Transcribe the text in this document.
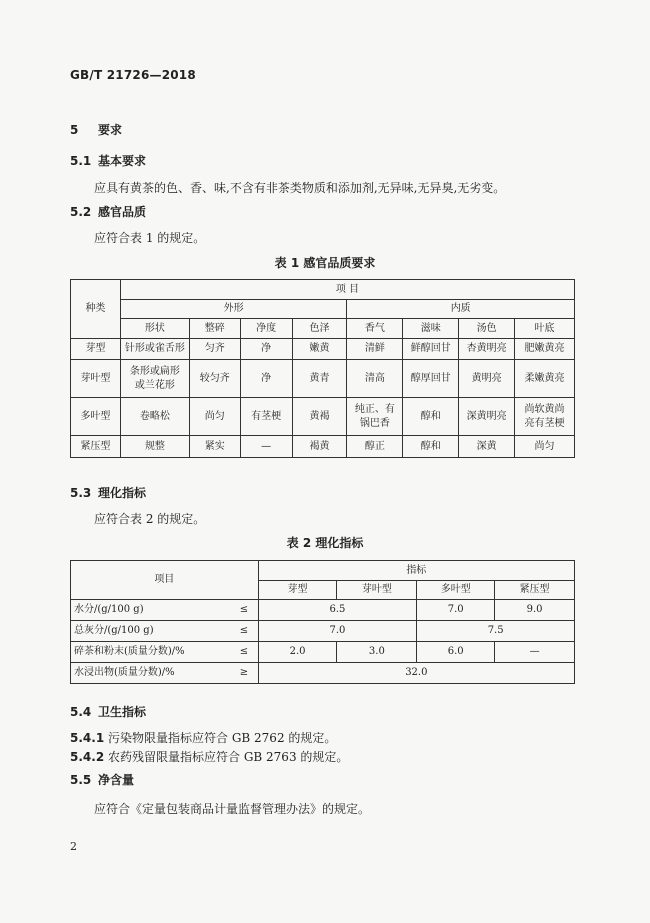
GB/T 21726—2018
5 要求
5.1 基本要求
应具有黄茶的色、香、味,不含有非茶类物质和添加剂,无异味,无异臭,无劣变。
5.2 感官品质
应符合表 1 的规定。
表 1 感官品质要求
种类	项 目							
	外形				内质			
	形状	整碎	净度	色泽	香气	滋味	汤色	叶底
芽型	针形或雀舌形	匀齐	净	嫩黄	清鲜	鲜醇回甘	杏黄明亮	肥嫩黄亮
芽叶型	条形或扁形或兰花形	较匀齐	净	黄青	清高	醇厚回甘	黄明亮	柔嫩黄亮
多叶型	卷略松	尚匀	有茎梗	黄褐	纯正、有锅巴香	醇和	深黄明亮	尚软黄尚亮有茎梗
紧压型	规整	紧实	—	褐黄	醇正	醇和	深黄	尚匀
5.3 理化指标
应符合表 2 的规定。
表 2 理化指标
项目		指标			
		芽型	芽叶型	多叶型	紧压型
水分/(g/100 g)	≤	6.5		7.0	9.0
总灰分/(g/100 g)	≤	7.0		7.5	
碎茶和粉末(质量分数)/%	≤	2.0	3.0	6.0	—
水浸出物(质量分数)/%	≥	32.0			
5.4 卫生指标
5.4.1 污染物限量指标应符合 GB 2762 的规定。
5.4.2 农药残留限量指标应符合 GB 2763 的规定。
5.5 净含量
应符合《定量包装商品计量监督管理办法》的规定。
2
